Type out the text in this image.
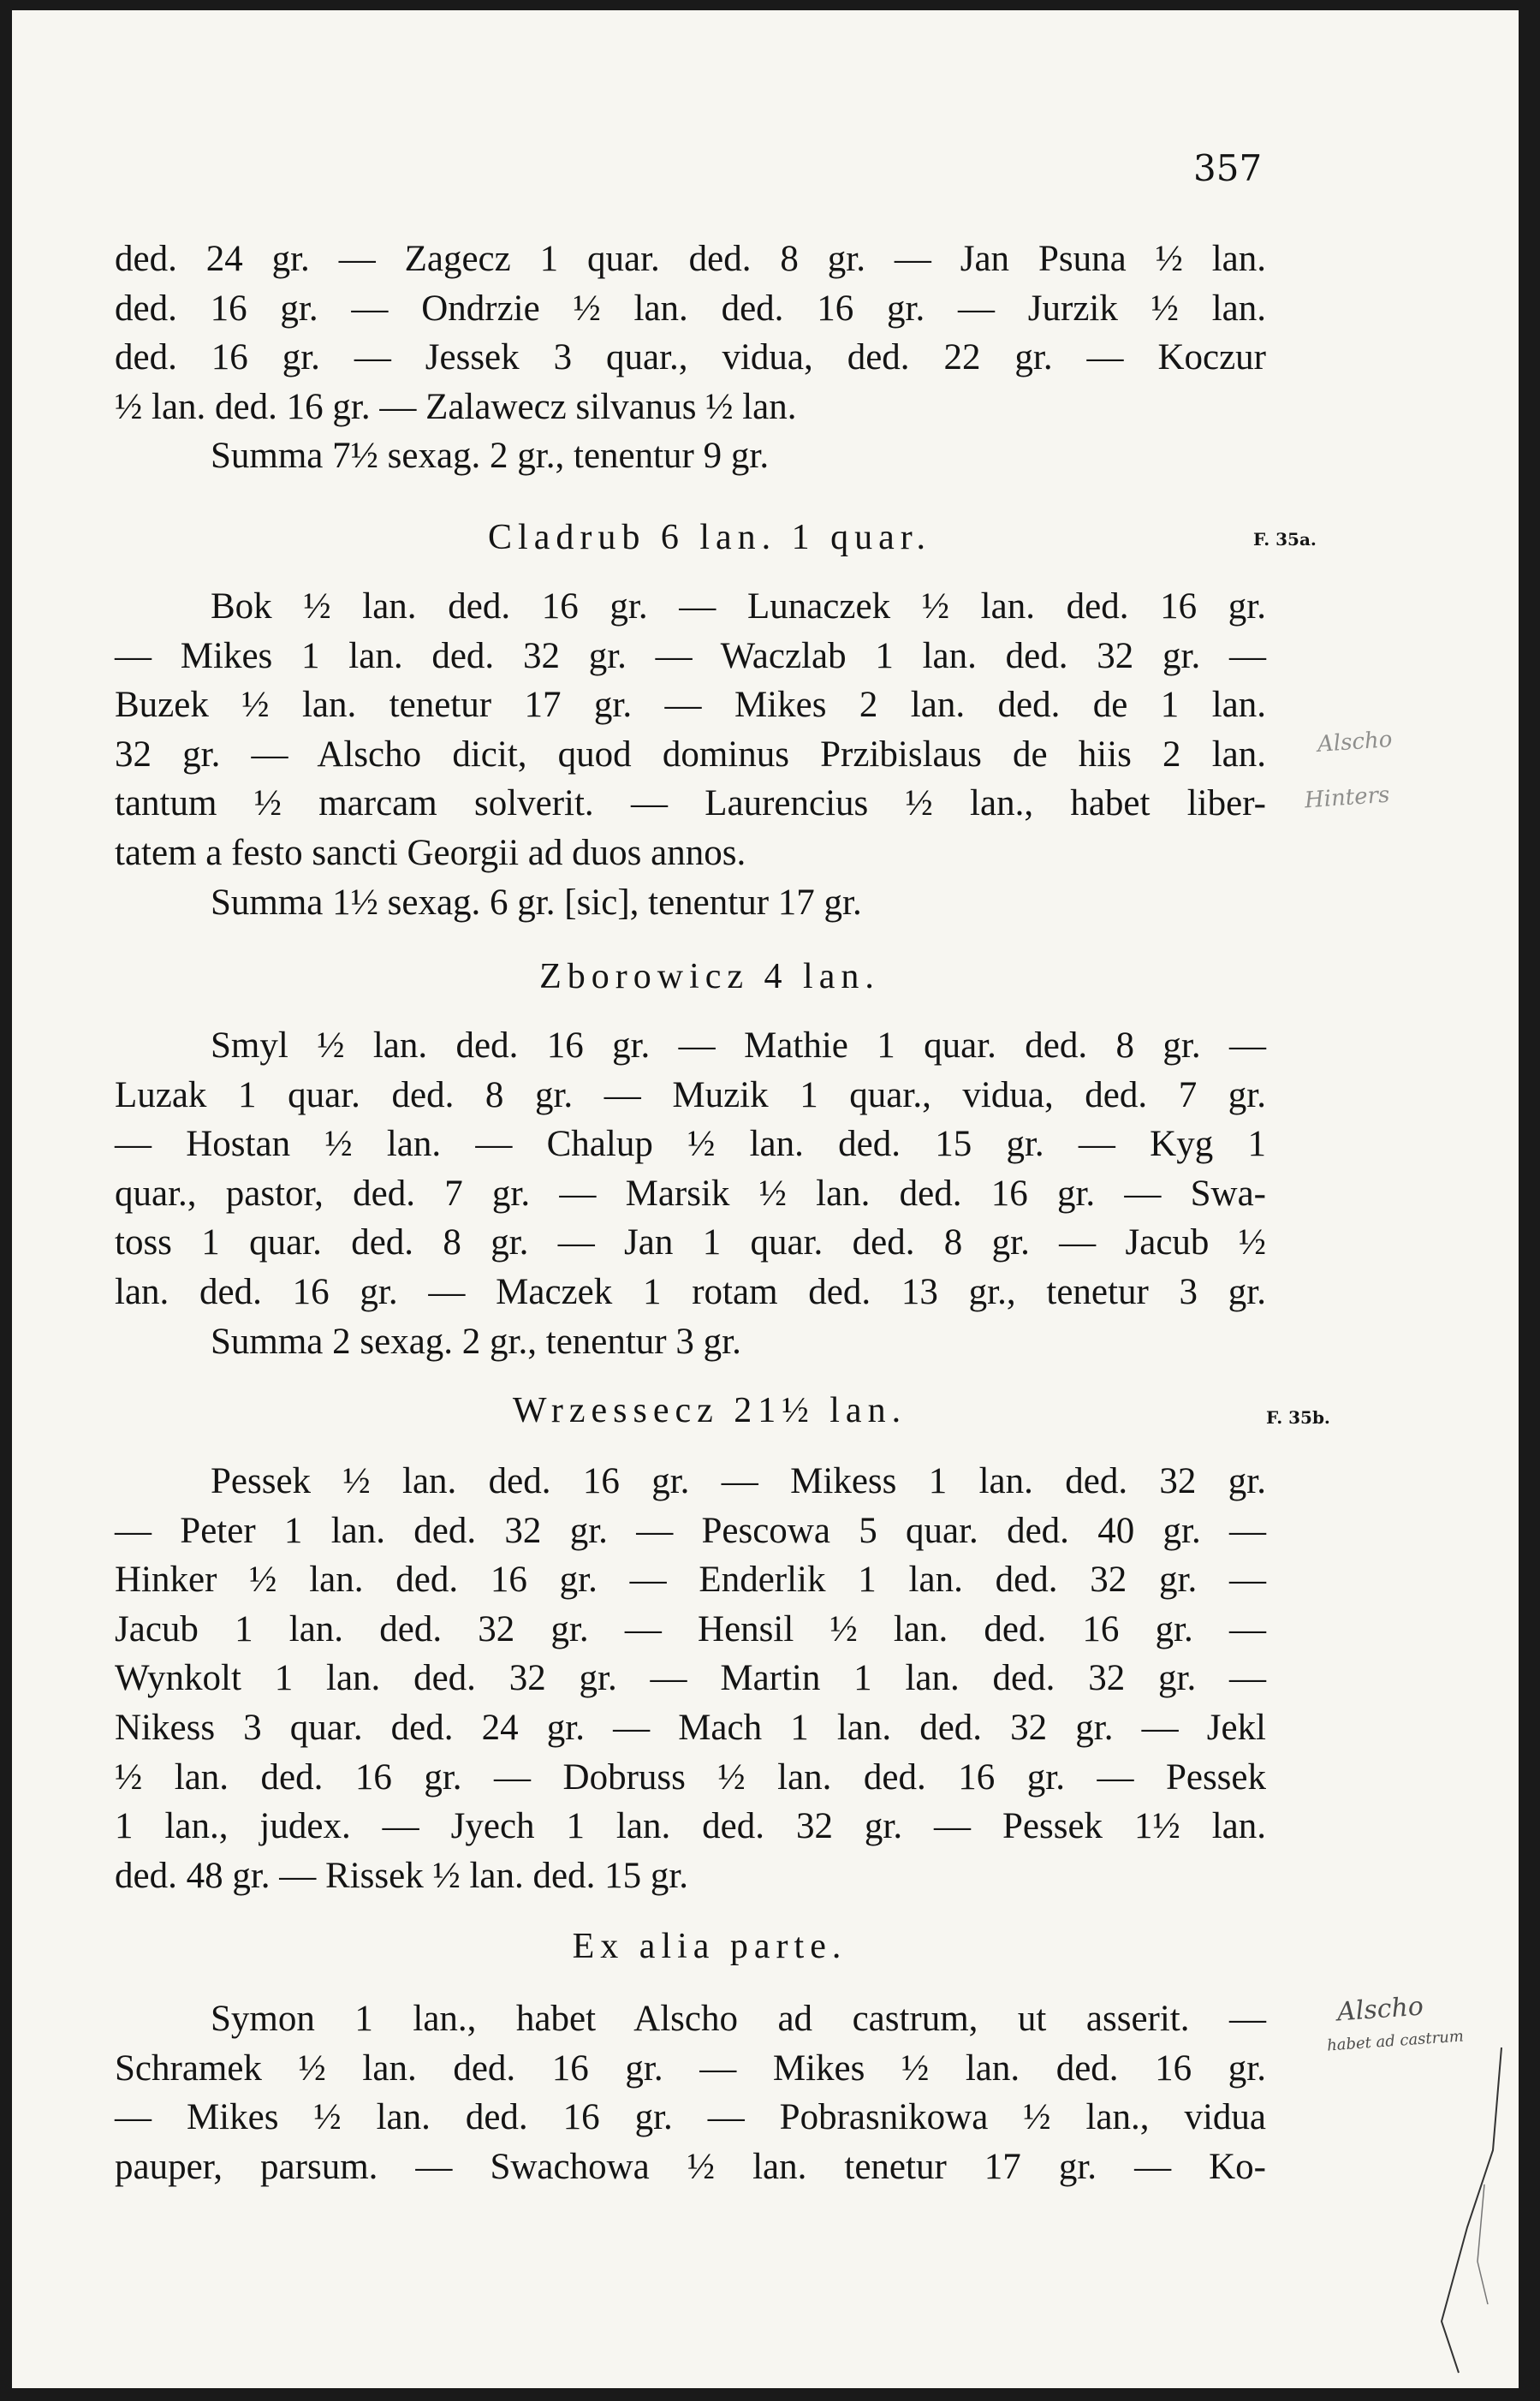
357
ded. 24 gr. — Zagecz 1 quar. ded. 8 gr. — Jan Psuna ½ lan.
ded. 16 gr. — Ondrzie ½ lan. ded. 16 gr. — Jurzik ½ lan.
ded. 16 gr. — Jessek 3 quar., vidua, ded. 22 gr. — Koczur
½ lan. ded. 16 gr. — Zalawecz silvanus ½ lan.
Summa 7½ sexag. 2 gr., tenentur 9 gr.
Cladrub 6 lan. 1 quar.	F. 35a.
Bok ½ lan. ded. 16 gr. — Lunaczek ½ lan. ded. 16 gr.
— Mikes 1 lan. ded. 32 gr. — Waczlab 1 lan. ded. 32 gr. —
Buzek ½ lan. tenetur 17 gr. — Mikes 2 lan. ded. de 1 lan.
32 gr. — Alscho dicit, quod dominus Przibislaus de hiis 2 lan.
tantum ½ marcam solverit. — Laurencius ½ lan., habet liber-
tatem a festo sancti Georgii ad duos annos.
Summa 1½ sexag. 6 gr. [sic], tenentur 17 gr.
Alscho
Hinters
Zborowicz 4 lan.
Smyl ½ lan. ded. 16 gr. — Mathie 1 quar. ded. 8 gr. —
Luzak 1 quar. ded. 8 gr. — Muzik 1 quar., vidua, ded. 7 gr.
— Hostan ½ lan. — Chalup ½ lan. ded. 15 gr. — Kyg 1
quar., pastor, ded. 7 gr. — Marsik ½ lan. ded. 16 gr. — Swa-
toss 1 quar. ded. 8 gr. — Jan 1 quar. ded. 8 gr. — Jacub ½
lan. ded. 16 gr. — Maczek 1 rotam ded. 13 gr., tenetur 3 gr.
Summa 2 sexag. 2 gr., tenentur 3 gr.
Wrzessecz 21½ lan.	F. 35b.
Pessek ½ lan. ded. 16 gr. — Mikess 1 lan. ded. 32 gr.
— Peter 1 lan. ded. 32 gr. — Pescowa 5 quar. ded. 40 gr. —
Hinker ½ lan. ded. 16 gr. — Enderlik 1 lan. ded. 32 gr. —
Jacub 1 lan. ded. 32 gr. — Hensil ½ lan. ded. 16 gr. —
Wynkolt 1 lan. ded. 32 gr. — Martin 1 lan. ded. 32 gr. —
Nikess 3 quar. ded. 24 gr. — Mach 1 lan. ded. 32 gr. — Jekl
½ lan. ded. 16 gr. — Dobruss ½ lan. ded. 16 gr. — Pessek
1 lan., judex. — Jyech 1 lan. ded. 32 gr. — Pessek 1½ lan.
ded. 48 gr. — Rissek ½ lan. ded. 15 gr.
Ex alia parte.
Symon 1 lan., habet Alscho ad castrum, ut asserit. —
Schramek ½ lan. ded. 16 gr. — Mikes ½ lan. ded. 16 gr.
— Mikes ½ lan. ded. 16 gr. — Pobrasnikowa ½ lan., vidua
pauper, parsum. — Swachowa ½ lan. tenetur 17 gr. — Ko-
Alscho
habet ad castrum
